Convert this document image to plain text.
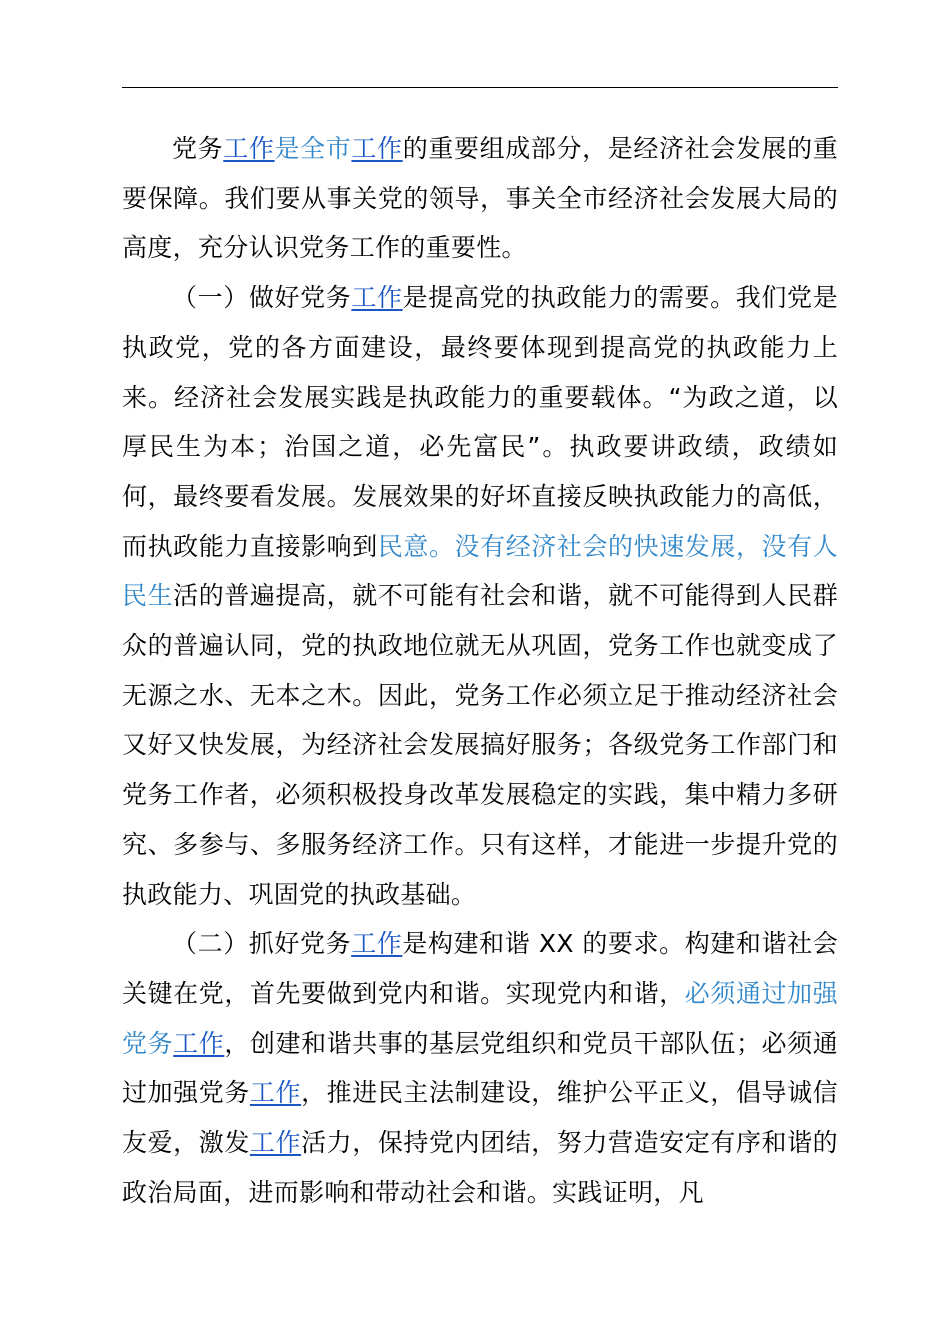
党务工作是全市工作的重要组成部分，是经济社会发展的重要保障。我们要从事关党的领导，事关全市经济社会发展大局的高度，充分认识党务工作的重要性。

（一）做好党务工作是提高党的执政能力的需要。我们党是执政党，党的各方面建设，最终要体现到提高党的执政能力上来。经济社会发展实践是执政能力的重要载体。“为政之道，以厚民生为本；治国之道，必先富民”。执政要讲政绩，政绩如何，最终要看发展。发展效果的好坏直接反映执政能力的高低，而执政能力直接影响到民意。没有经济社会的快速发展，没有人民生活的普遍提高，就不可能有社会和谐，就不可能得到人民群众的普遍认同，党的执政地位就无从巩固，党务工作也就变成了无源之水、无本之木。因此，党务工作必须立足于推动经济社会又好又快发展，为经济社会发展搞好服务；各级党务工作部门和党务工作者，必须积极投身改革发展稳定的实践，集中精力多研究、多参与、多服务经济工作。只有这样，才能进一步提升党的执政能力、巩固党的执政基础。

（二）抓好党务工作是构建和谐 XX 的要求。构建和谐社会关键在党，首先要做到党内和谐。实现党内和谐，必须通过加强党务工作，创建和谐共事的基层党组织和党员干部队伍；必须通过加强党务工作，推进民主法制建设，维护公平正义，倡导诚信友爱，激发工作活力，保持党内团结，努力营造安定有序和谐的政治局面，进而影响和带动社会和谐。实践证明，凡
